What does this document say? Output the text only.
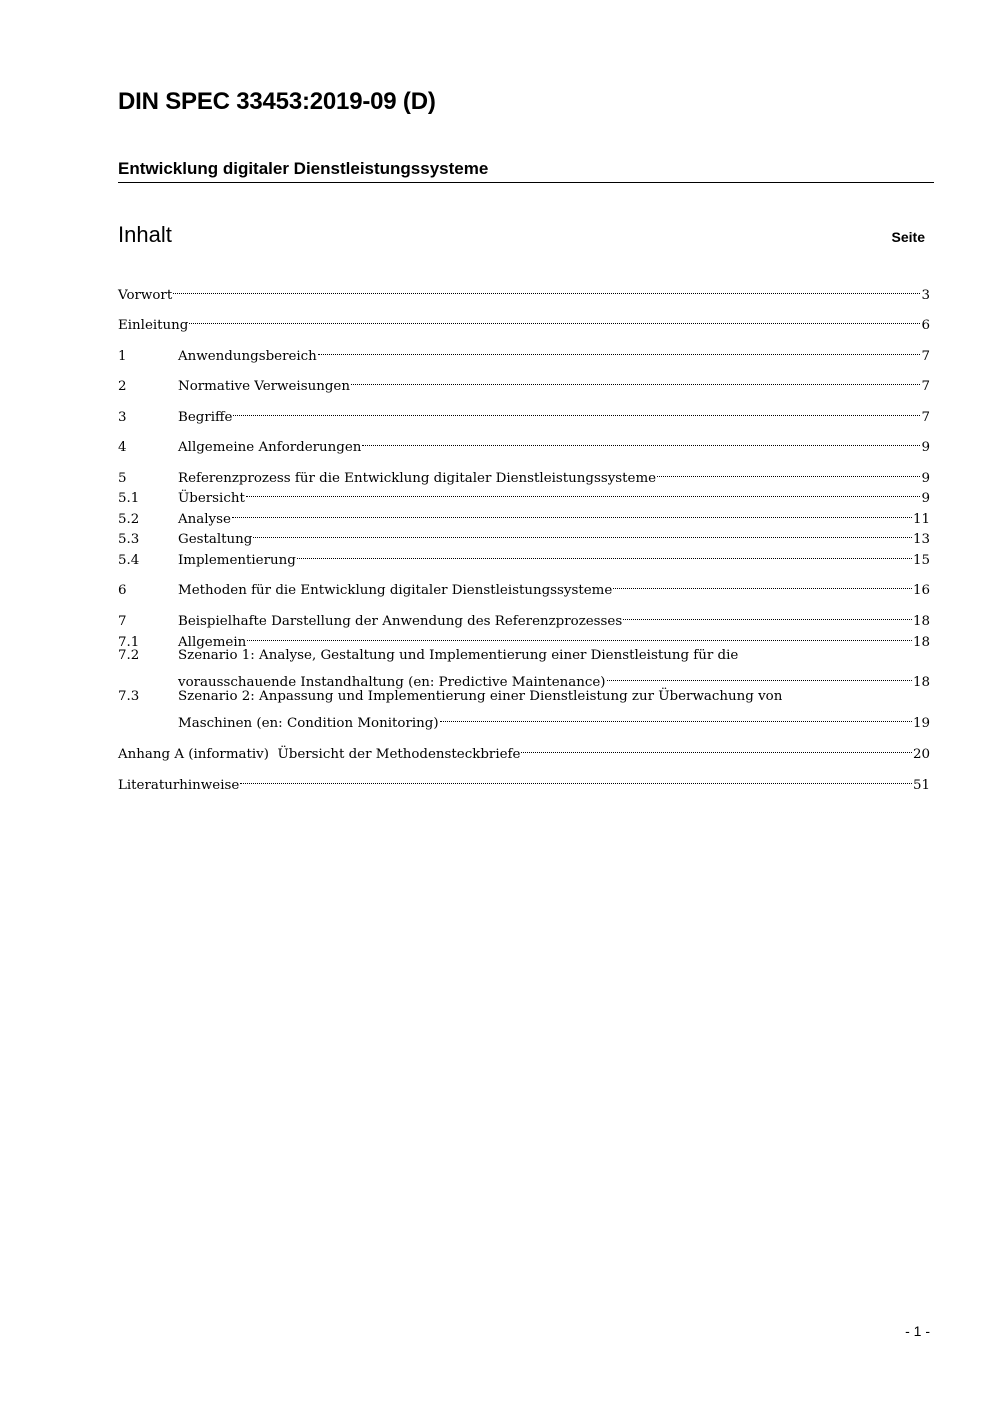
DIN SPEC 33453:2019-09 (D)
Entwicklung digitaler Dienstleistungssysteme
Inhalt	Seite
Vorwort	3
Einleitung	6
1	Anwendungsbereich	7
2	Normative Verweisungen	7
3	Begriffe	7
4	Allgemeine Anforderungen	9
5	Referenzprozess für die Entwicklung digitaler Dienstleistungssysteme	9
5.1	Übersicht	9
5.2	Analyse	11
5.3	Gestaltung	13
5.4	Implementierung	15
6	Methoden für die Entwicklung digitaler Dienstleistungssysteme	16
7	Beispielhafte Darstellung der Anwendung des Referenzprozesses	18
7.1	Allgemein	18
7.2	Szenario 1: Analyse, Gestaltung und Implementierung einer Dienstleistung für die
vorausschauende Instandhaltung (en: Predictive Maintenance)	18
7.3	Szenario 2: Anpassung und Implementierung einer Dienstleistung zur Überwachung von
Maschinen (en: Condition Monitoring)	19
Anhang A (informativ)  Übersicht der Methodensteckbriefe	20
Literaturhinweise	51
- 1 -
